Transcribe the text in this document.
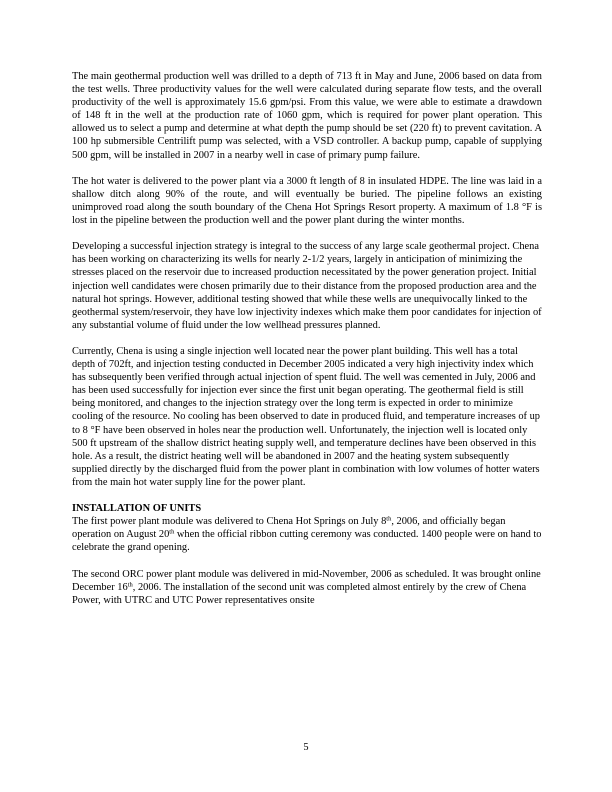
The main geothermal production well was drilled to a depth of 713 ft in May and June, 2006 based on data from the test wells. Three productivity values for the well were calculated during separate flow tests, and the overall productivity of the well is approximately 15.6 gpm/psi. From this value, we were able to estimate a drawdown of 148 ft in the well at the production rate of 1060 gpm, which is required for power plant operation. This allowed us to select a pump and determine at what depth the pump should be set (220 ft) to prevent cavitation. A 100 hp submersible Centrilift pump was selected, with a VSD controller. A backup pump, capable of supplying 500 gpm, will be installed in 2007 in a nearby well in case of primary pump failure.

The hot water is delivered to the power plant via a 3000 ft length of 8 in insulated HDPE. The line was laid in a shallow ditch along 90% of the route, and will eventually be buried. The pipeline follows an existing unimproved road along the south boundary of the Chena Hot Springs Resort property. A maximum of 1.8 °F is lost in the pipeline between the production well and the power plant during the winter months.

Developing a successful injection strategy is integral to the success of any large scale geothermal project. Chena has been working on characterizing its wells for nearly 2-1/2 years, largely in anticipation of minimizing the stresses placed on the reservoir due to increased production necessitated by the power generation project. Initial injection well candidates were chosen primarily due to their distance from the proposed production area and the natural hot springs. However, additional testing showed that while these wells are unequivocally linked to the geothermal system/reservoir, they have low injectivity indexes which make them poor candidates for injection of any substantial volume of fluid under the low wellhead pressures planned.

Currently, Chena is using a single injection well located near the power plant building. This well has a total depth of 702ft, and injection testing conducted in December 2005 indicated a very high injectivity index which has subsequently been verified through actual injection of spent fluid. The well was cemented in July, 2006 and has been used successfully for injection ever since the first unit began operating. The geothermal field is still being monitored, and changes to the injection strategy over the long term is expected in order to minimize cooling of the resource. No cooling has been observed to date in produced fluid, and temperature increases of up to 8 °F have been observed in holes near the production well. Unfortunately, the injection well is located only 500 ft upstream of the shallow district heating supply well, and temperature declines have been observed in this hole. As a result, the district heating well will be abandoned in 2007 and the heating system subsequently supplied directly by the discharged fluid from the power plant in combination with low volumes of hotter waters from the main hot water supply line for the power plant.

INSTALLATION OF UNITS

The first power plant module was delivered to Chena Hot Springs on July 8th, 2006, and officially began operation on August 20th when the official ribbon cutting ceremony was conducted. 1400 people were on hand to celebrate the grand opening.

The second ORC power plant module was delivered in mid-November, 2006 as scheduled. It was brought online December 16th, 2006. The installation of the second unit was completed almost entirely by the crew of Chena Power, with UTRC and UTC Power representatives onsite

5
